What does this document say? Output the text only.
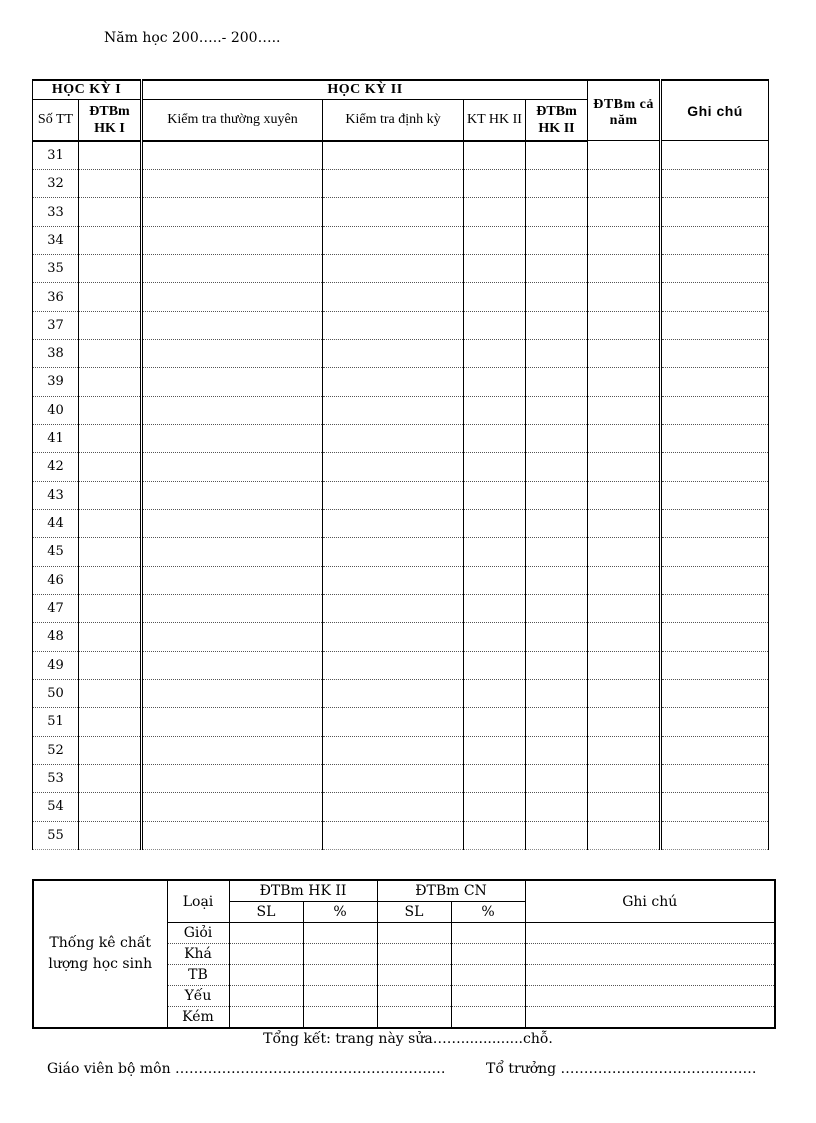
Năm học 200…..- 200…..
HỌC KỲ I		HỌC KỲ II				ĐTBm cả năm	Ghi chú
Số TT	ĐTBm HK I	Kiểm tra thường xuyên	Kiểm tra định kỳ	KT HK II	ĐTBm HK II		
31							
32							
33							
34							
35							
36							
37							
38							
39							
40							
41							
42							
43							
44							
45							
46							
47							
48							
49							
50							
51							
52							
53							
54							
55							
Thống kê chất lượng học sinh	Loại	ĐTBm HK II		ĐTBm CN		Ghi chú
		SL	%	SL	%	
	Giỏi					
	Khá					
	TB					
	Yếu					
	Kém					
Tổng kết: trang này sửa……..............chỗ.
Giáo viên bộ môn ……………………………………………….…	Tổ trưởng ……………………………………
